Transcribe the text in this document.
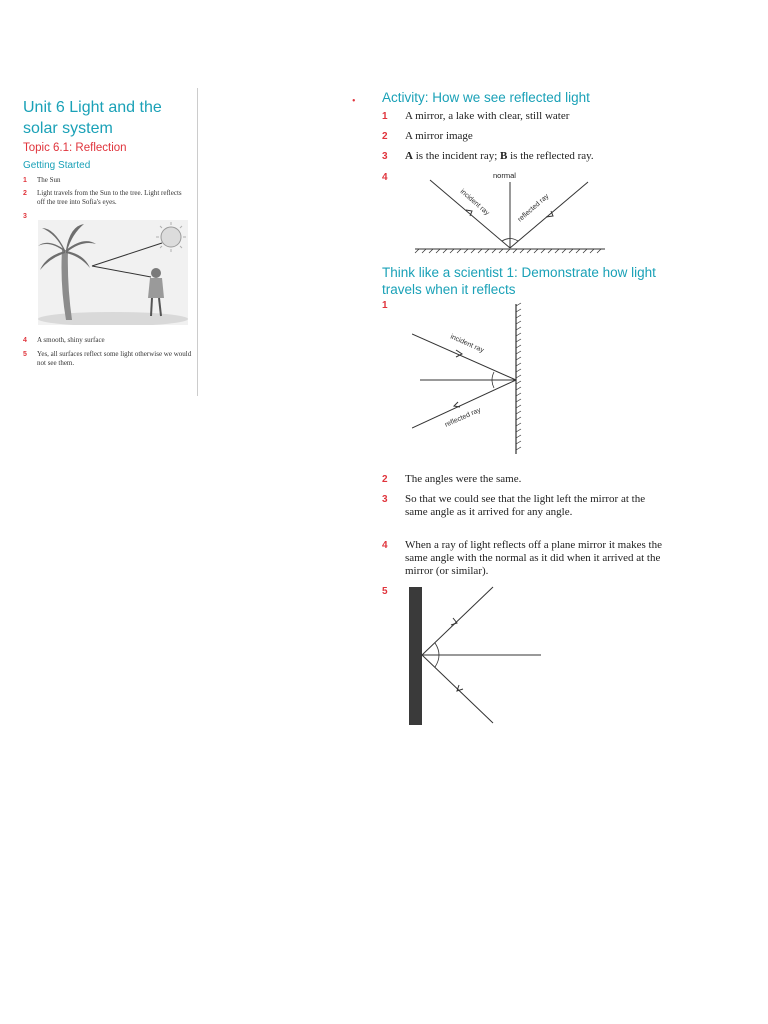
Unit 6 Light and the solar system
Topic 6.1: Reflection
Getting Started
1 The Sun
2 Light travels from the Sun to the tree. Light reflects off the tree into Sofia's eyes.
3
4 A smooth, shiny surface
5 Yes, all surfaces reflect some light otherwise we would not see them.
• Activity: How we see reflected light
1 A mirror, a lake with clear, still water
2 A mirror image
3 A is the incident ray; B is the reflected ray.
4	normal
incident ray	reflected ray
Think like a scientist 1: Demonstrate how light travels when it reflects
1
incident ray
reflected ray
2 The angles were the same.
3 So that we could see that the light left the mirror at the same angle as it arrived for any angle.
4 When a ray of light reflects off a plane mirror it makes the same angle with the normal as it did when it arrived at the mirror (or similar).
5
